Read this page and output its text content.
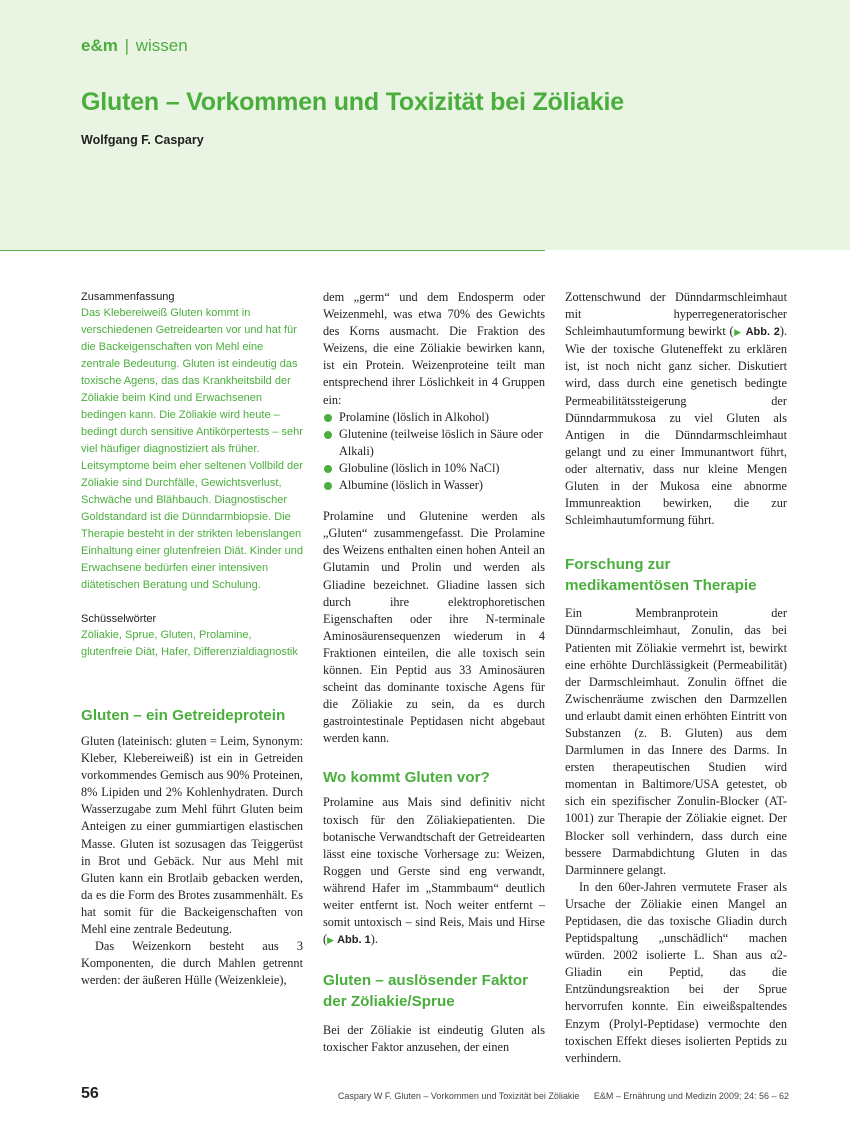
e&m | wissen
Gluten – Vorkommen und Toxizität bei Zöliakie
Wolfgang F. Caspary

Zusammenfassung

Das Klebereiweiß Gluten kommt in verschiedenen Getreidearten vor und hat für die Backeigenschaften von Mehl eine zentrale Bedeutung. Gluten ist eindeutig das toxische Agens, das das Krankheitsbild der Zöliakie beim Kind und Erwachsenen bedingen kann. Die Zöliakie wird heute – bedingt durch sensitive Antikörpertests – sehr viel häufiger diagnostiziert als früher. Leitsymptome beim eher seltenen Vollbild der Zöliakie sind Durchfälle, Gewichtsverlust, Schwäche und Blähbauch. Diagnostischer Goldstandard ist die Dünndarmbiopsie. Die Therapie besteht in der strikten lebenslangen Einhaltung einer glutenfreien Diät. Kinder und Erwachsene bedürfen einer intensiven diätetischen Beratung und Schulung.

Schüsselwörter

Zöliakie, Sprue, Gluten, Prolamine, glutenfreie Diät, Hafer, Differenzialdiagnostik

Gluten – ein Getreideprotein

Gluten (lateinisch: gluten = Leim, Synonym: Kleber, Klebereiweiß) ist ein in Getreiden vorkommendes Gemisch aus 90% Proteinen, 8% Lipiden und 2% Kohlenhydraten. Durch Wasserzugabe zum Mehl führt Gluten beim Anteigen zu einer gummiartigen elastischen Masse. Gluten ist sozusagen das Teiggerüst in Brot und Gebäck. Nur aus Mehl mit Gluten kann ein Brotlaib gebacken werden, da es die Form des Brotes zusammenhält. Es hat somit für die Backeigenschaften von Mehl eine zentrale Bedeutung.

Das Weizenkorn besteht aus 3 Komponenten, die durch Mahlen getrennt werden: der äußeren Hülle (Weizenkleie),

dem „germ“ und dem Endosperm oder Weizenmehl, was etwa 70% des Gewichts des Korns ausmacht. Die Fraktion des Weizens, die eine Zöliakie bewirken kann, ist ein Protein. Weizenproteine teilt man entsprechend ihrer Löslichkeit in 4 Gruppen ein:

Prolamine (löslich in Alkohol)
Glutenine (teilweise löslich in Säure oder Alkali)
Globuline (löslich in 10% NaCl)
Albumine (löslich in Wasser)

Prolamine und Glutenine werden als „Gluten“ zusammengefasst. Die Prolamine des Weizens enthalten einen hohen Anteil an Glutamin und Prolin und werden als Gliadine bezeichnet. Gliadine lassen sich durch ihre elektrophoretischen Eigenschaften oder ihre N-terminale Aminosäurensequenzen wiederum in 4 Fraktionen einteilen, die alle toxisch sein können. Ein Peptid aus 33 Aminosäuren scheint das dominante toxische Agens für die Zöliakie zu sein, da es durch gastrointestinale Peptidasen nicht abgebaut werden kann.

Wo kommt Gluten vor?

Prolamine aus Mais sind definitiv nicht toxisch für den Zöliakiepatienten. Die botanische Verwandtschaft der Getreidearten lässt eine toxische Vorhersage zu: Weizen, Roggen und Gerste sind eng verwandt, während Hafer im „Stammbaum“ deutlich weiter entfernt ist. Noch weiter entfernt – somit untoxisch – sind Reis, Mais und Hirse (▶ Abb. 1).

Gluten – auslösender Faktor der Zöliakie/Sprue

Bei der Zöliakie ist eindeutig Gluten als toxischer Faktor anzusehen, der einen

Zottenschwund der Dünndarmschleimhaut mit hyperregeneratorischer Schleimhautumformung bewirkt (▶ Abb. 2). Wie der toxische Gluteneffekt zu erklären ist, ist noch nicht ganz sicher. Diskutiert wird, dass durch eine genetisch bedingte Permeabilitätssteigerung der Dünndarmmukosa zu viel Gluten als Antigen in die Dünndarmschleimhaut gelangt und zu einer Immunantwort führt, oder alternativ, dass nur kleine Mengen Gluten in der Mukosa eine abnorme Immunreaktion bewirken, die zur Schleimhautumformung führt.

Forschung zur medikamentösen Therapie

Ein Membranprotein der Dünndarmschleimhaut, Zonulin, das bei Patienten mit Zöliakie vermehrt ist, bewirkt eine erhöhte Durchlässigkeit (Permeabilität) der Darmschleimhaut. Zonulin öffnet die Zwischenräume zwischen den Darmzellen und erlaubt damit einen erhöhten Eintritt von Substanzen (z. B. Gluten) aus dem Darmlumen in das Innere des Darms. In ersten therapeutischen Studien wird momentan in Baltimore/USA getestet, ob sich ein spezifischer Zonulin-Blocker (AT-1001) zur Therapie der Zöliakie eignet. Der Blocker soll verhindern, dass durch eine bessere Darmabdichtung Gluten in das Darminnere gelangt.

In den 60er-Jahren vermutete Fraser als Ursache der Zöliakie einen Mangel an Peptidasen, die das toxische Gliadin durch Peptidspaltung „unschädlich“ machen würden. 2002 isolierte L. Shan aus α2-Gliadin ein Peptid, das die Entzündungsreaktion bei der Sprue hervorrufen konnte. Ein eiweißspaltendes Enzym (Prolyl-Peptidase) vermochte den toxischen Effekt dieses isolierten Peptids zu verhindern.

56	Caspary W F. Gluten – Vorkommen und Toxizität bei Zöliakie E&M – Ernährung und Medizin 2009; 24: 56 – 62
